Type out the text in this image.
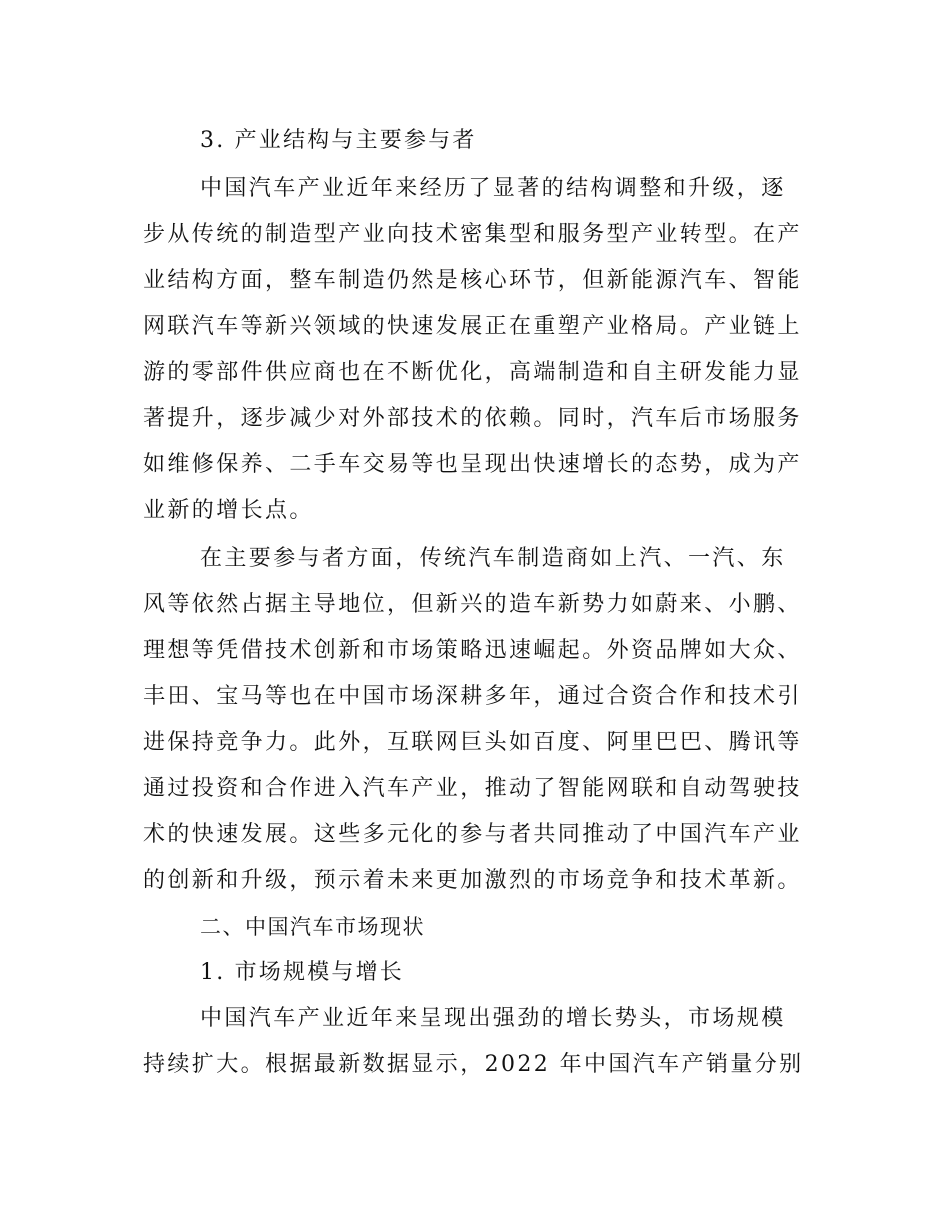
3. 产业结构与主要参与者
中国汽车产业近年来经历了显著的结构调整和升级，逐
步从传统的制造型产业向技术密集型和服务型产业转型。在产
业结构方面，整车制造仍然是核心环节，但新能源汽车、智能
网联汽车等新兴领域的快速发展正在重塑产业格局。产业链上
游的零部件供应商也在不断优化，高端制造和自主研发能力显
著提升，逐步减少对外部技术的依赖。同时，汽车后市场服务
如维修保养、二手车交易等也呈现出快速增长的态势，成为产
业新的增长点。
在主要参与者方面，传统汽车制造商如上汽、一汽、东
风等依然占据主导地位，但新兴的造车新势力如蔚来、小鹏、
理想等凭借技术创新和市场策略迅速崛起。外资品牌如大众、
丰田、宝马等也在中国市场深耕多年，通过合资合作和技术引
进保持竞争力。此外，互联网巨头如百度、阿里巴巴、腾讯等
通过投资和合作进入汽车产业，推动了智能网联和自动驾驶技
术的快速发展。这些多元化的参与者共同推动了中国汽车产业
的创新和升级，预示着未来更加激烈的市场竞争和技术革新。
二、中国汽车市场现状
1. 市场规模与增长
中国汽车产业近年来呈现出强劲的增长势头，市场规模
持续扩大。根据最新数据显示，2022 年中国汽车产销量分别
